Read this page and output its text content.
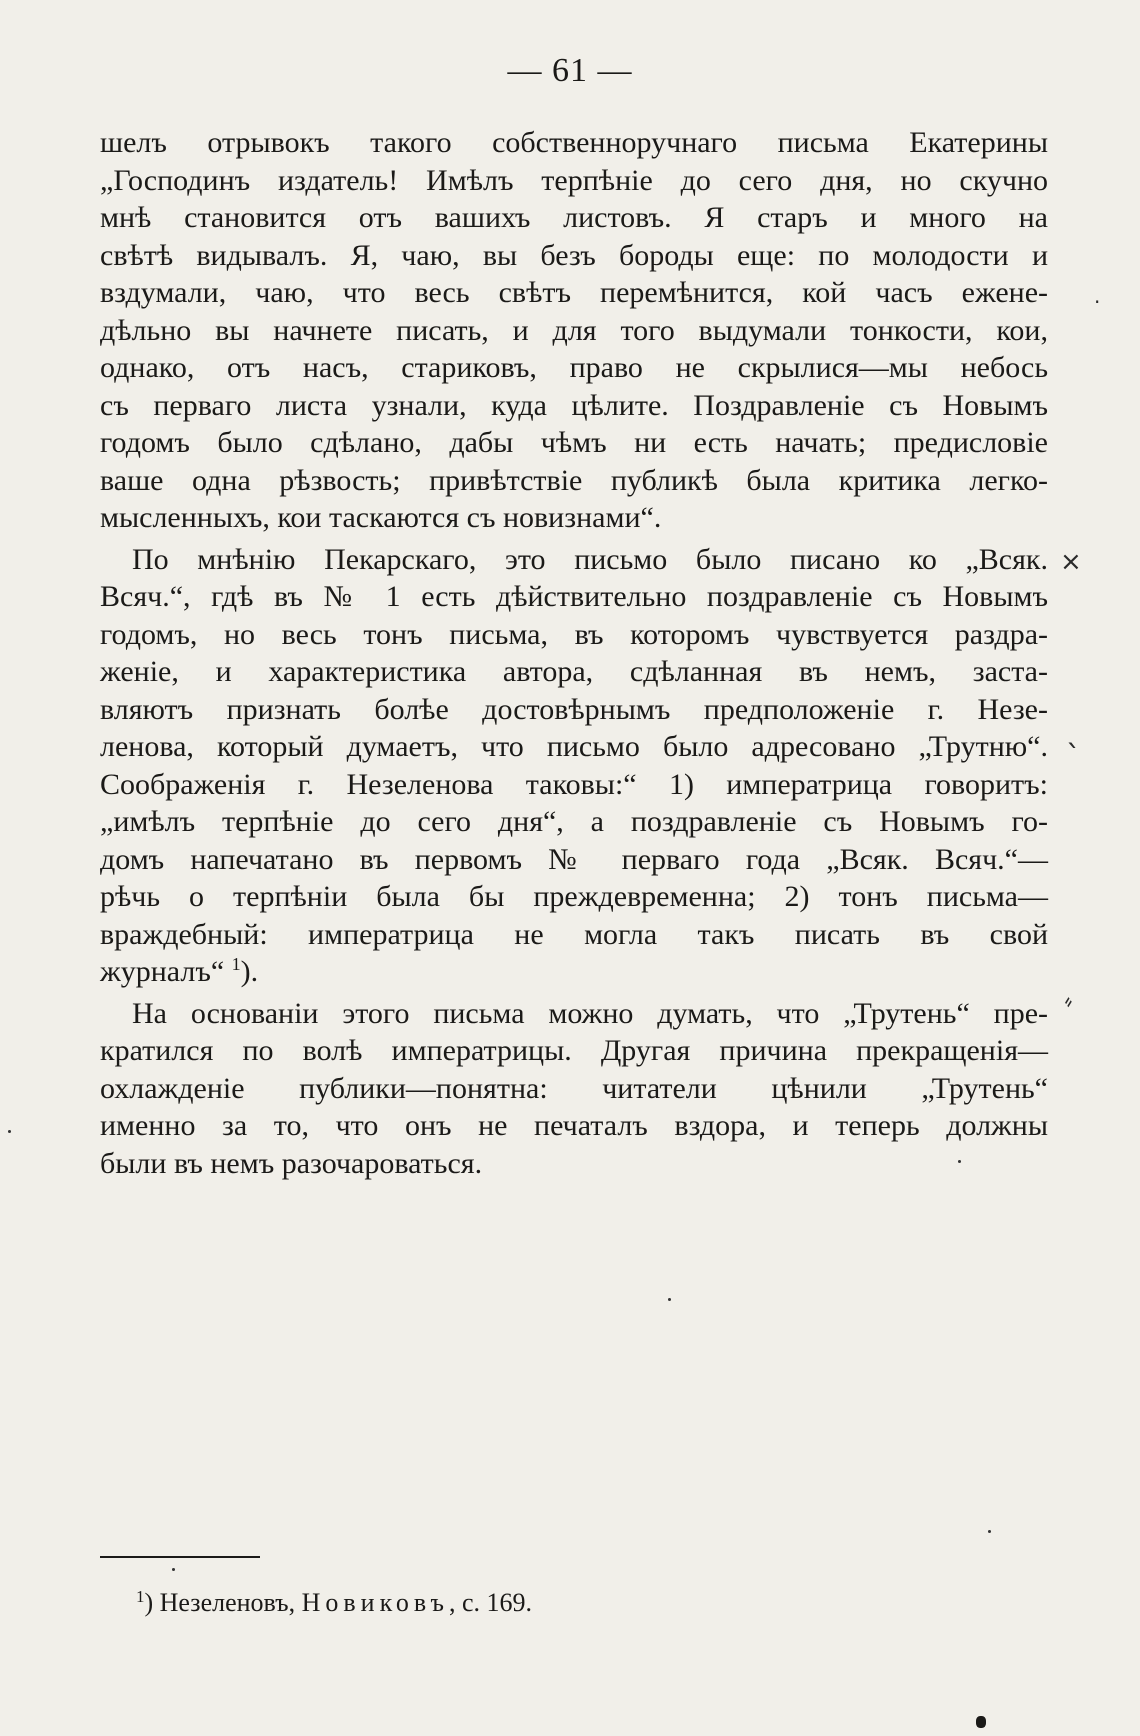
— 61 —
шелъ отрывокъ такого собственноручнаго письма Екатерины
„Господинъ издатель! Имѣлъ терпѣніе до сего дня, но скучно
мнѣ становится отъ вашихъ листовъ. Я старъ и много на
свѣтѣ видывалъ. Я, чаю, вы безъ бороды еще: по молодости и
вздумали, чаю, что весь свѣтъ перемѣнится, кой часъ еженe-
дѣльно вы начнете писать, и для того выдумали тонкости, кои,
однако, отъ насъ, стариковъ, право не скрылися—мы небось
съ перваго листа узнали, куда цѣлите. Поздравленіе съ Новымъ
годомъ было сдѣлано, дабы чѣмъ ни есть начать; предисловіе
ваше одна рѣзвость; привѣтствіе публикѣ была критика легко-
мысленныхъ, кои таскаются съ новизнами“.
По мнѣнію Пекарскаго, это письмо было писано ко „Всяк.
Всяч.“, гдѣ въ № 1 есть дѣйствительно поздравленіе съ Новымъ
годомъ, но весь тонъ письма, въ которомъ чувствуется раздра-
женіе, и характеристика автора, сдѣланная въ немъ, заста-
вляютъ признать болѣе достовѣрнымъ предположеніе г. Незе-
ленова, который думаетъ, что письмо было адресовано „Трутню“.
Соображенія г. Незеленова таковы:“ 1) императрица говоритъ:
„имѣлъ терпѣніе до сего дня“, а поздравленіе съ Новымъ го-
домъ напечатано въ первомъ № перваго года „Всяк. Всяч.“—
рѣчь о терпѣніи была бы преждевременна; 2) тонъ письма—
враждебный: императрица не могла такъ писать въ свой
журналъ“ $^1$).
На основаніи этого письма можно думать, что „Трутень“ пре-
кратился по волѣ императрицы. Другая причина прекращенія—
охлажденіе публики—понятна: читатели цѣнили „Трутень“
именно за то, что онъ не печаталъ вздора, и теперь должны
были въ немъ разочароваться.
×
ˎ
⸗
·
$^1$) Незеленовъ, Новиковъ, с. 169.
